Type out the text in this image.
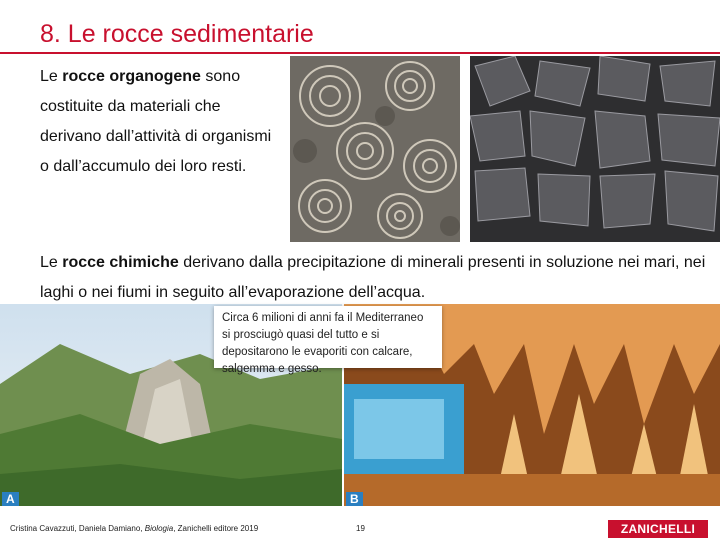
8. Le rocce sedimentarie
Le rocce organogene sono costituite da materiali che derivano dall’attività di organismi o dall’accumulo dei loro resti.
Le rocce chimiche derivano dalla precipitazione di minerali presenti in soluzione nei mari, nei laghi o nei fiumi in seguito all’evaporazione dell’acqua.
A	B
Circa 6 milioni di anni fa il Mediterraneo si prosciugò quasi del tutto e si depositarono le evaporiti con calcare, salgemma e gesso.
Cristina Cavazzuti, Daniela Damiano, Biologia, Zanichelli editore 2019	19	ZANICHELLI
